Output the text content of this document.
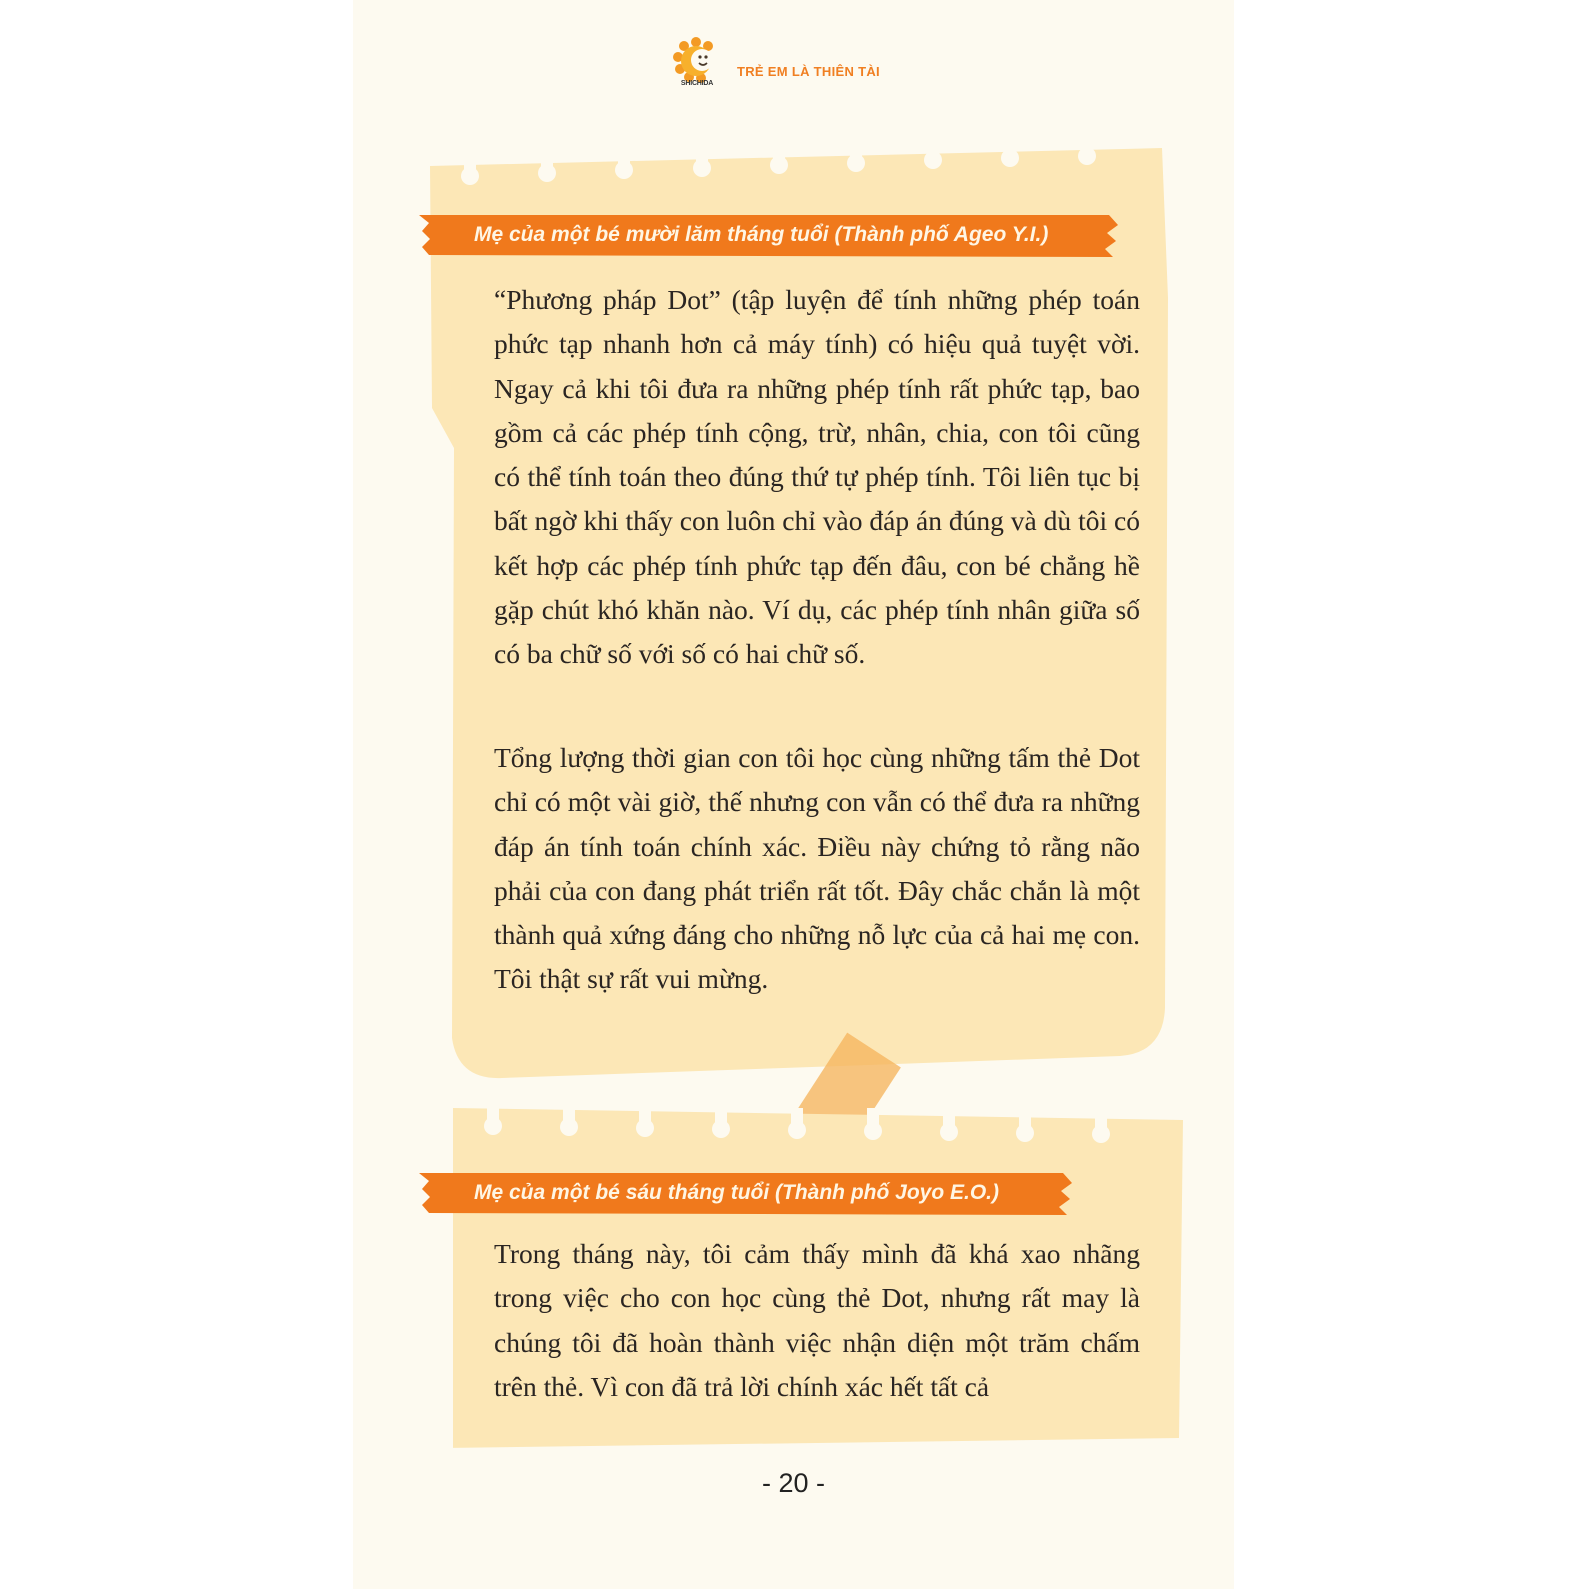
SHICHIDA
TRẺ EM LÀ THIÊN TÀI
Mẹ của một bé mười lăm tháng tuổi (Thành phố Ageo Y.I.)
Mẹ của một bé sáu tháng tuổi (Thành phố Joyo E.O.)

“Phương pháp Dot” (tập luyện để tính những phép toán phức tạp nhanh hơn cả máy tính) có hiệu quả tuyệt vời. Ngay cả khi tôi đưa ra những phép tính rất phức tạp, bao gồm cả các phép tính cộng, trừ, nhân, chia, con tôi cũng có thể tính toán theo đúng thứ tự phép tính. Tôi liên tục bị bất ngờ khi thấy con luôn chỉ vào đáp án đúng và dù tôi có kết hợp các phép tính phức tạp đến đâu, con bé chẳng hề gặp chút khó khăn nào. Ví dụ, các phép tính nhân giữa số có ba chữ số với số có hai chữ số.

Tổng lượng thời gian con tôi học cùng những tấm thẻ Dot chỉ có một vài giờ, thế nhưng con vẫn có thể đưa ra những đáp án tính toán chính xác. Điều này chứng tỏ rằng não phải của con đang phát triển rất tốt. Đây chắc chắn là một thành quả xứng đáng cho những nỗ lực của cả hai mẹ con. Tôi thật sự rất vui mừng.

Trong tháng này, tôi cảm thấy mình đã khá xao nhãng trong việc cho con học cùng thẻ Dot, nhưng rất may là chúng tôi đã hoàn thành việc nhận diện một trăm chấm trên thẻ. Vì con đã trả lời chính xác hết tất cả

- 20 -
